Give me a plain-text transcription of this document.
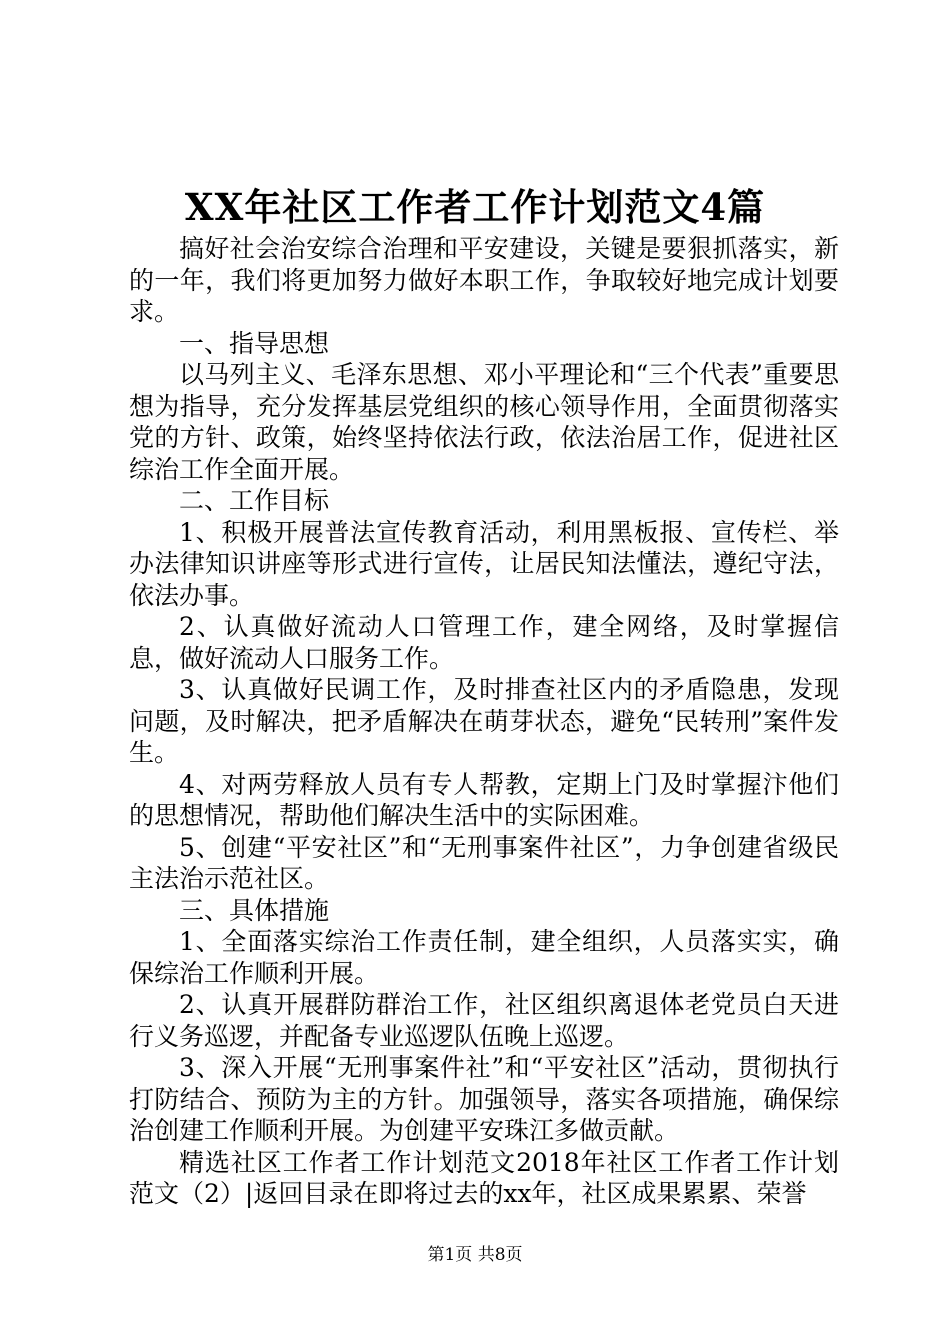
XX年社区工作者工作计划范文4篇

搞好社会治安综合治理和平安建设，关键是要狠抓落实，新的一年，我们将更加努力做好本职工作，争取较好地完成计划要求。

一、指导思想

以马列主义、毛泽东思想、邓小平理论和“三个代表”重要思想为指导，充分发挥基层党组织的核心领导作用，全面贯彻落实党的方针、政策，始终坚持依法行政，依法治居工作，促进社区综治工作全面开展。

二、工作目标

1、积极开展普法宣传教育活动，利用黑板报、宣传栏、举办法律知识讲座等形式进行宣传，让居民知法懂法，遵纪守法，依法办事。

2、认真做好流动人口管理工作，建全网络，及时掌握信息，做好流动人口服务工作。

3、认真做好民调工作，及时排查社区内的矛盾隐患，发现问题，及时解决，把矛盾解决在萌芽状态，避免“民转刑”案件发生。

4、对两劳释放人员有专人帮教，定期上门及时掌握汴他们的思想情况，帮助他们解决生活中的实际困难。

5、创建“平安社区”和“无刑事案件社区”，力争创建省级民主法治示范社区。

三、具体措施

1、全面落实综治工作责任制，建全组织，人员落实实，确保综治工作顺利开展。

2、认真开展群防群治工作，社区组织离退体老党员白天进行义务巡逻，并配备专业巡逻队伍晚上巡逻。

3、深入开展“无刑事案件社”和“平安社区”活动，贯彻执行打防结合、预防为主的方针。加强领导，落实各项措施，确保综治创建工作顺利开展。为创建平安珠江多做贡献。

精选社区工作者工作计划范文2018年社区工作者工作计划范文（2）|返回目录在即将过去的xx年，社区成果累累、荣誉

第1页 共8页
